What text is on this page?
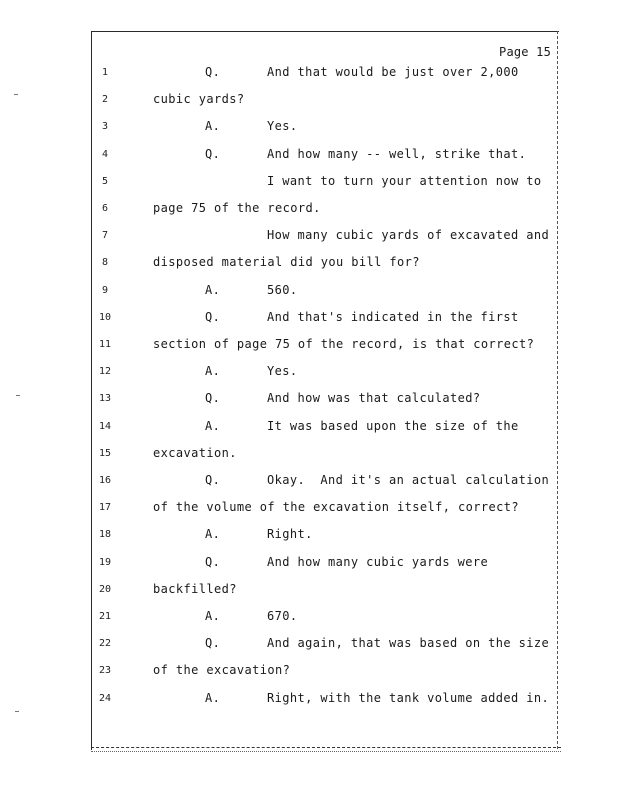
Page 15
1	Q.	And that would be just over 2,000
2	cubic yards?
3	A.	Yes.
4	Q.	And how many -- well, strike that.
5	I want to turn your attention now to
6	page 75 of the record.
7	How many cubic yards of excavated and
8	disposed material did you bill for?
9	A.	560.
10	Q.	And that's indicated in the first
11	section of page 75 of the record, is that correct?
12	A.	Yes.
13	Q.	And how was that calculated?
14	A.	It was based upon the size of the
15	excavation.
16	Q.	Okay.  And it's an actual calculation
17	of the volume of the excavation itself, correct?
18	A.	Right.
19	Q.	And how many cubic yards were
20	backfilled?
21	A.	670.
22	Q.	And again, that was based on the size
23	of the excavation?
24	A.	Right, with the tank volume added in.
